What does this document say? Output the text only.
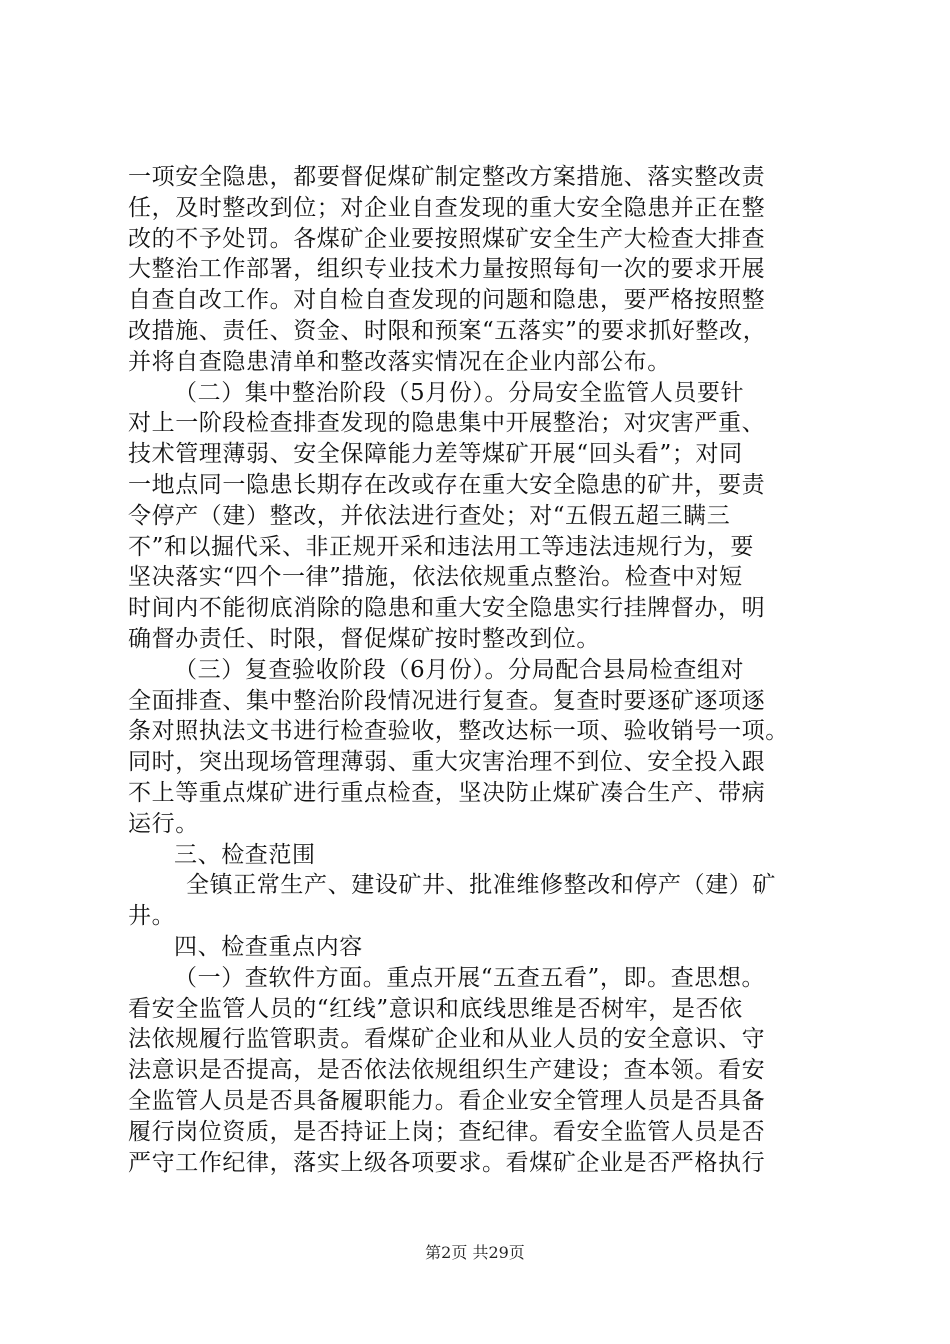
一项安全隐患，都要督促煤矿制定整改方案措施、落实整改责
任，及时整改到位；对企业自查发现的重大安全隐患并正在整
改的不予处罚。各煤矿企业要按照煤矿安全生产大检查大排查
大整治工作部署，组织专业技术力量按照每旬一次的要求开展
自查自改工作。对自检自查发现的问题和隐患，要严格按照整
改措施、责任、资金、时限和预案“五落实”的要求抓好整改，
并将自查隐患清单和整改落实情况在企业内部公布。
（二）集中整治阶段（5月份）。分局安全监管人员要针
对上一阶段检查排查发现的隐患集中开展整治；对灾害严重、
技术管理薄弱、安全保障能力差等煤矿开展“回头看”；对同
一地点同一隐患长期存在改或存在重大安全隐患的矿井，要责
令停产（建）整改，并依法进行查处；对“五假五超三瞒三
不”和以掘代采、非正规开采和违法用工等违法违规行为，要
坚决落实“四个一律”措施，依法依规重点整治。检查中对短
时间内不能彻底消除的隐患和重大安全隐患实行挂牌督办，明
确督办责任、时限，督促煤矿按时整改到位。
（三）复查验收阶段（6月份）。分局配合县局检查组对
全面排查、集中整治阶段情况进行复查。复查时要逐矿逐项逐
条对照执法文书进行检查验收，整改达标一项、验收销号一项。
同时，突出现场管理薄弱、重大灾害治理不到位、安全投入跟
不上等重点煤矿进行重点检查，坚决防止煤矿凑合生产、带病
运行。
三、检查范围
全镇正常生产、建设矿井、批准维修整改和停产（建）矿
井。
四、检查重点内容
（一）查软件方面。重点开展“五查五看”，即。查思想。
看安全监管人员的“红线”意识和底线思维是否树牢，是否依
法依规履行监管职责。看煤矿企业和从业人员的安全意识、守
法意识是否提高，是否依法依规组织生产建设；查本领。看安
全监管人员是否具备履职能力。看企业安全管理人员是否具备
履行岗位资质，是否持证上岗；查纪律。看安全监管人员是否
严守工作纪律，落实上级各项要求。看煤矿企业是否严格执行
第2页 共29页
